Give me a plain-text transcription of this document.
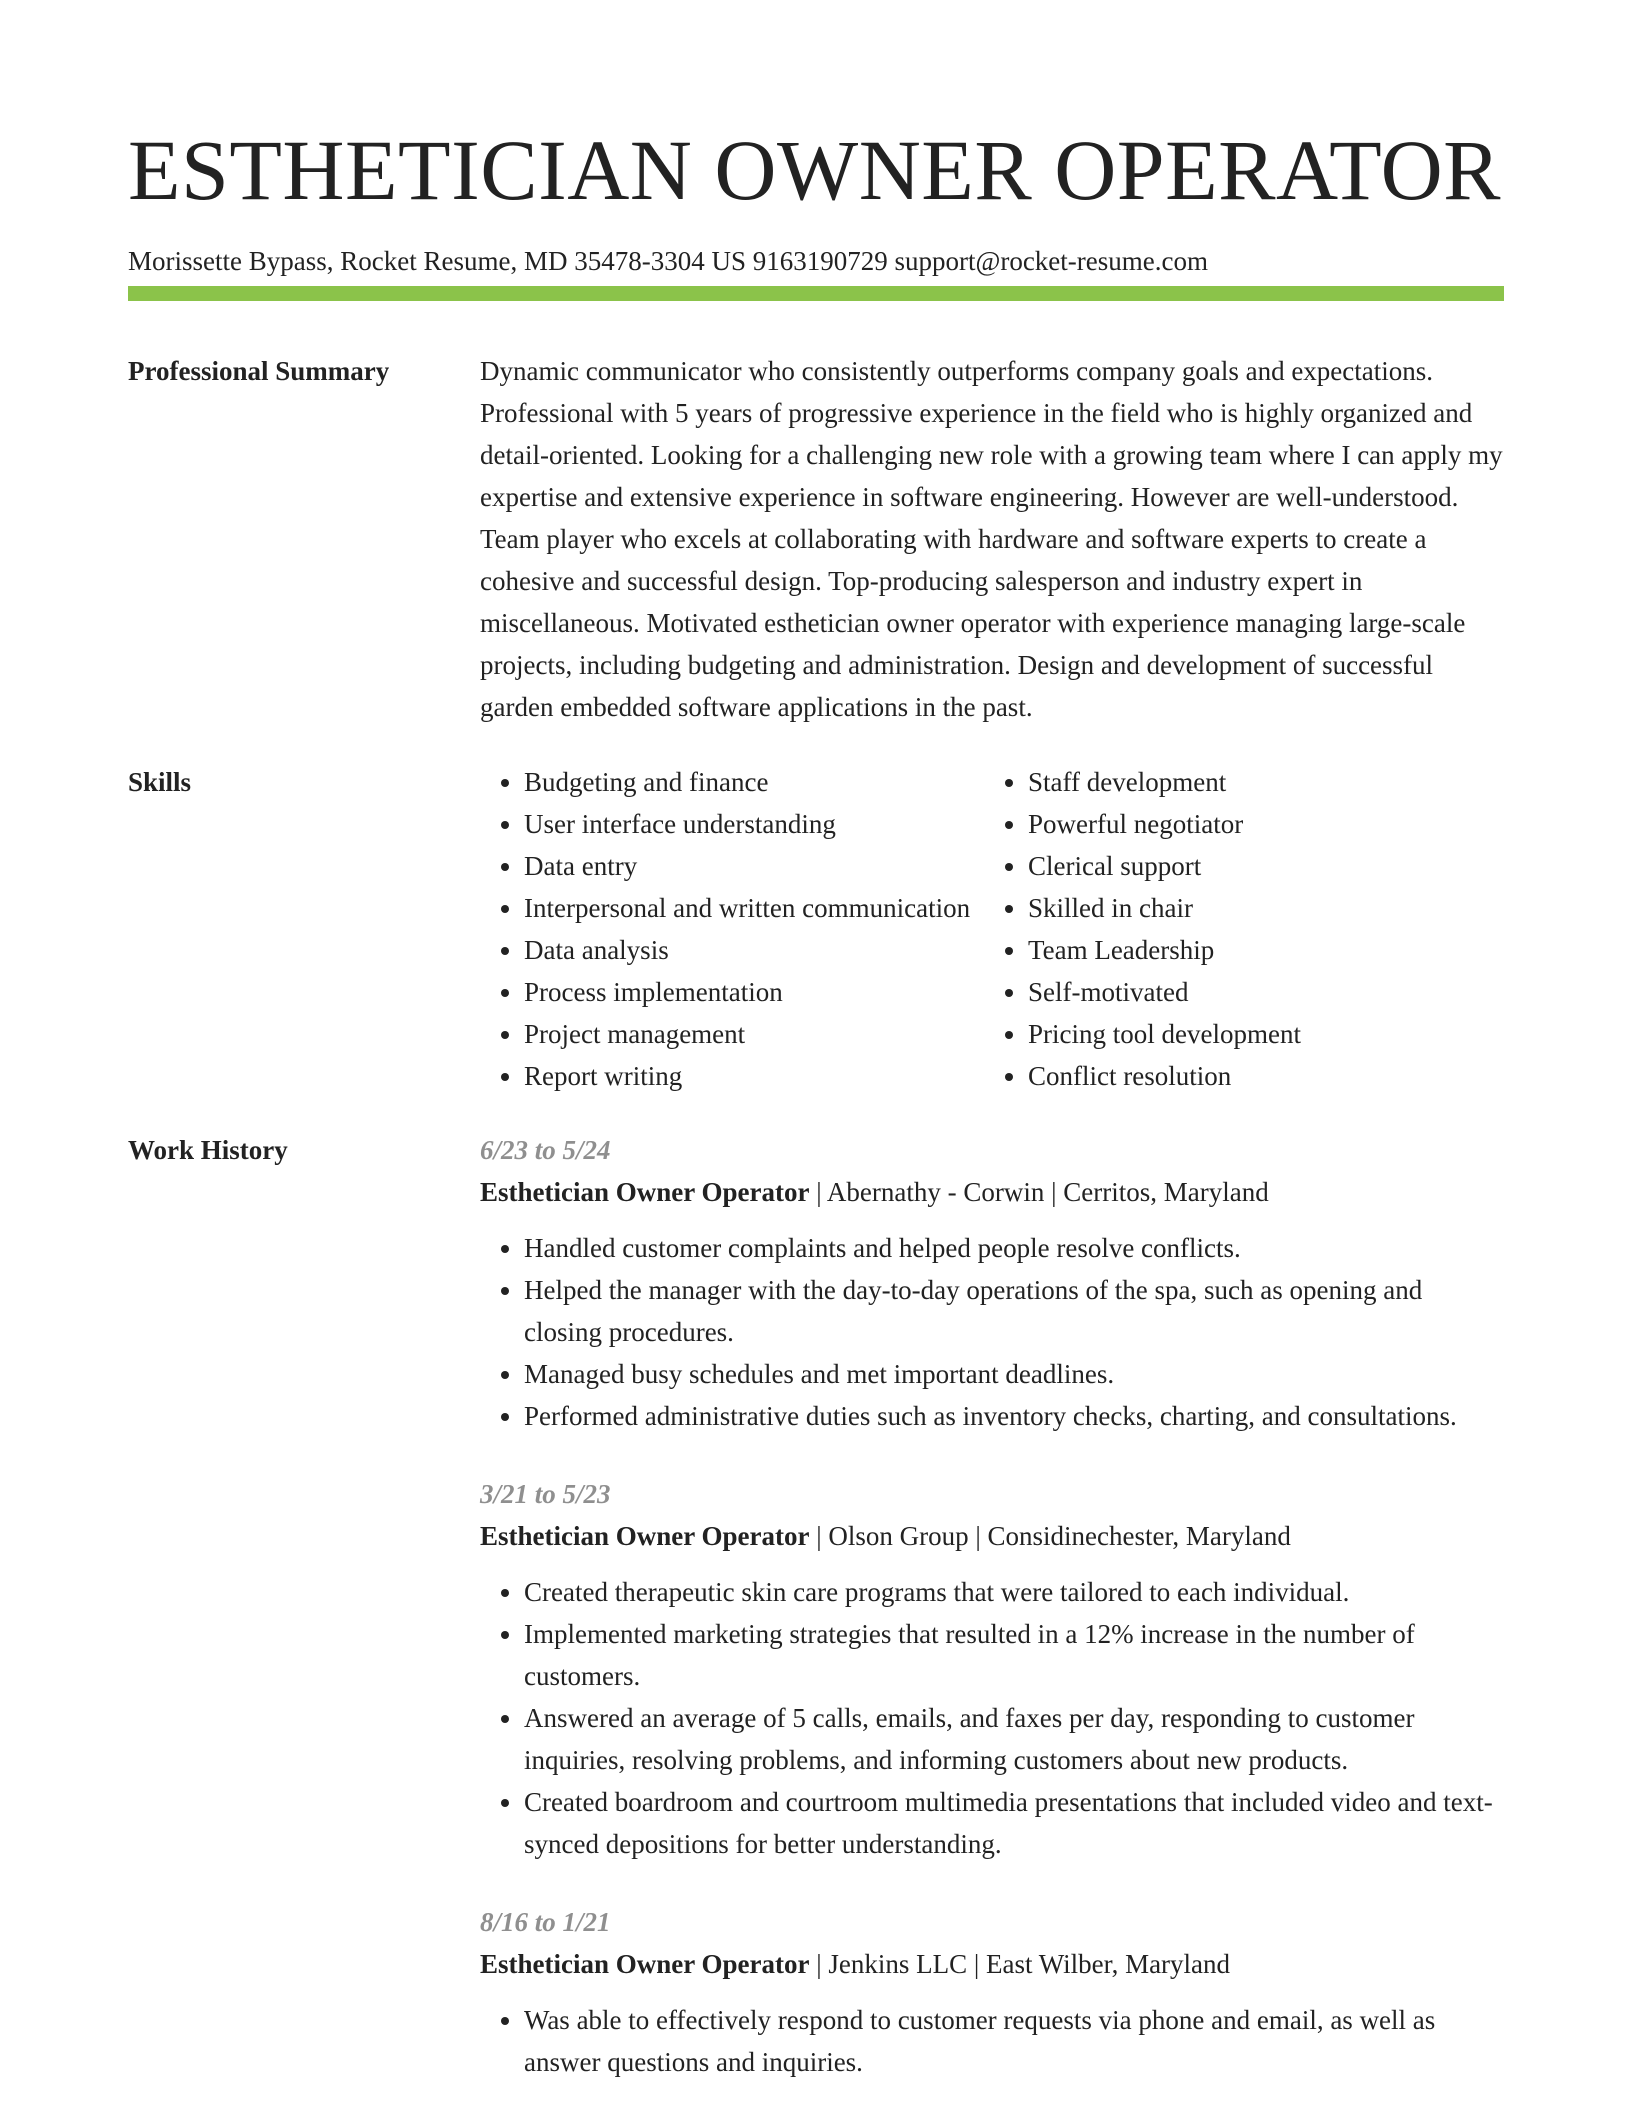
ESTHETICIAN OWNER OPERATOR
Morissette Bypass, Rocket Resume, MD 35478-3304 US 9163190729 support@rocket-resume.com
Professional Summary	Dynamic communicator who consistently outperforms company goals and expectations. Professional with 5 years of progressive experience in the field who is highly organized and detail-oriented. Looking for a challenging new role with a growing team where I can apply my expertise and extensive experience in software engineering. However are well-understood. Team player who excels at collaborating with hardware and software experts to create a cohesive and successful design. Top-producing salesperson and industry expert in miscellaneous. Motivated esthetician owner operator with experience managing large-scale projects, including budgeting and administration. Design and development of successful garden embedded software applications in the past.
Skills
•	Budgeting and finance
• User interface understanding
• Data entry
• Interpersonal and written communication
• Data analysis
• Process implementation
• Project management
• Report writing
• Staff development
• Powerful negotiator
• Clerical support
• Skilled in chair
• Team Leadership
• Self-motivated
• Pricing tool development
• Conflict resolution
Work History	6/23 to 5/24
Esthetician Owner Operator | Abernathy - Corwin | Cerritos, Maryland
• Handled customer complaints and helped people resolve conflicts.
• Helped the manager with the day-to-day operations of the spa, such as opening and closing procedures.
• Managed busy schedules and met important deadlines.
• Performed administrative duties such as inventory checks, charting, and consultations.
3/21 to 5/23
Esthetician Owner Operator | Olson Group | Considinechester, Maryland
• Created therapeutic skin care programs that were tailored to each individual.
• Implemented marketing strategies that resulted in a 12% increase in the number of customers.
• Answered an average of 5 calls, emails, and faxes per day, responding to customer inquiries, resolving problems, and informing customers about new products.
• Created boardroom and courtroom multimedia presentations that included video and text-synced depositions for better understanding.
8/16 to 1/21
Esthetician Owner Operator | Jenkins LLC | East Wilber, Maryland
• Was able to effectively respond to customer requests via phone and email, as well as answer questions and inquiries.
